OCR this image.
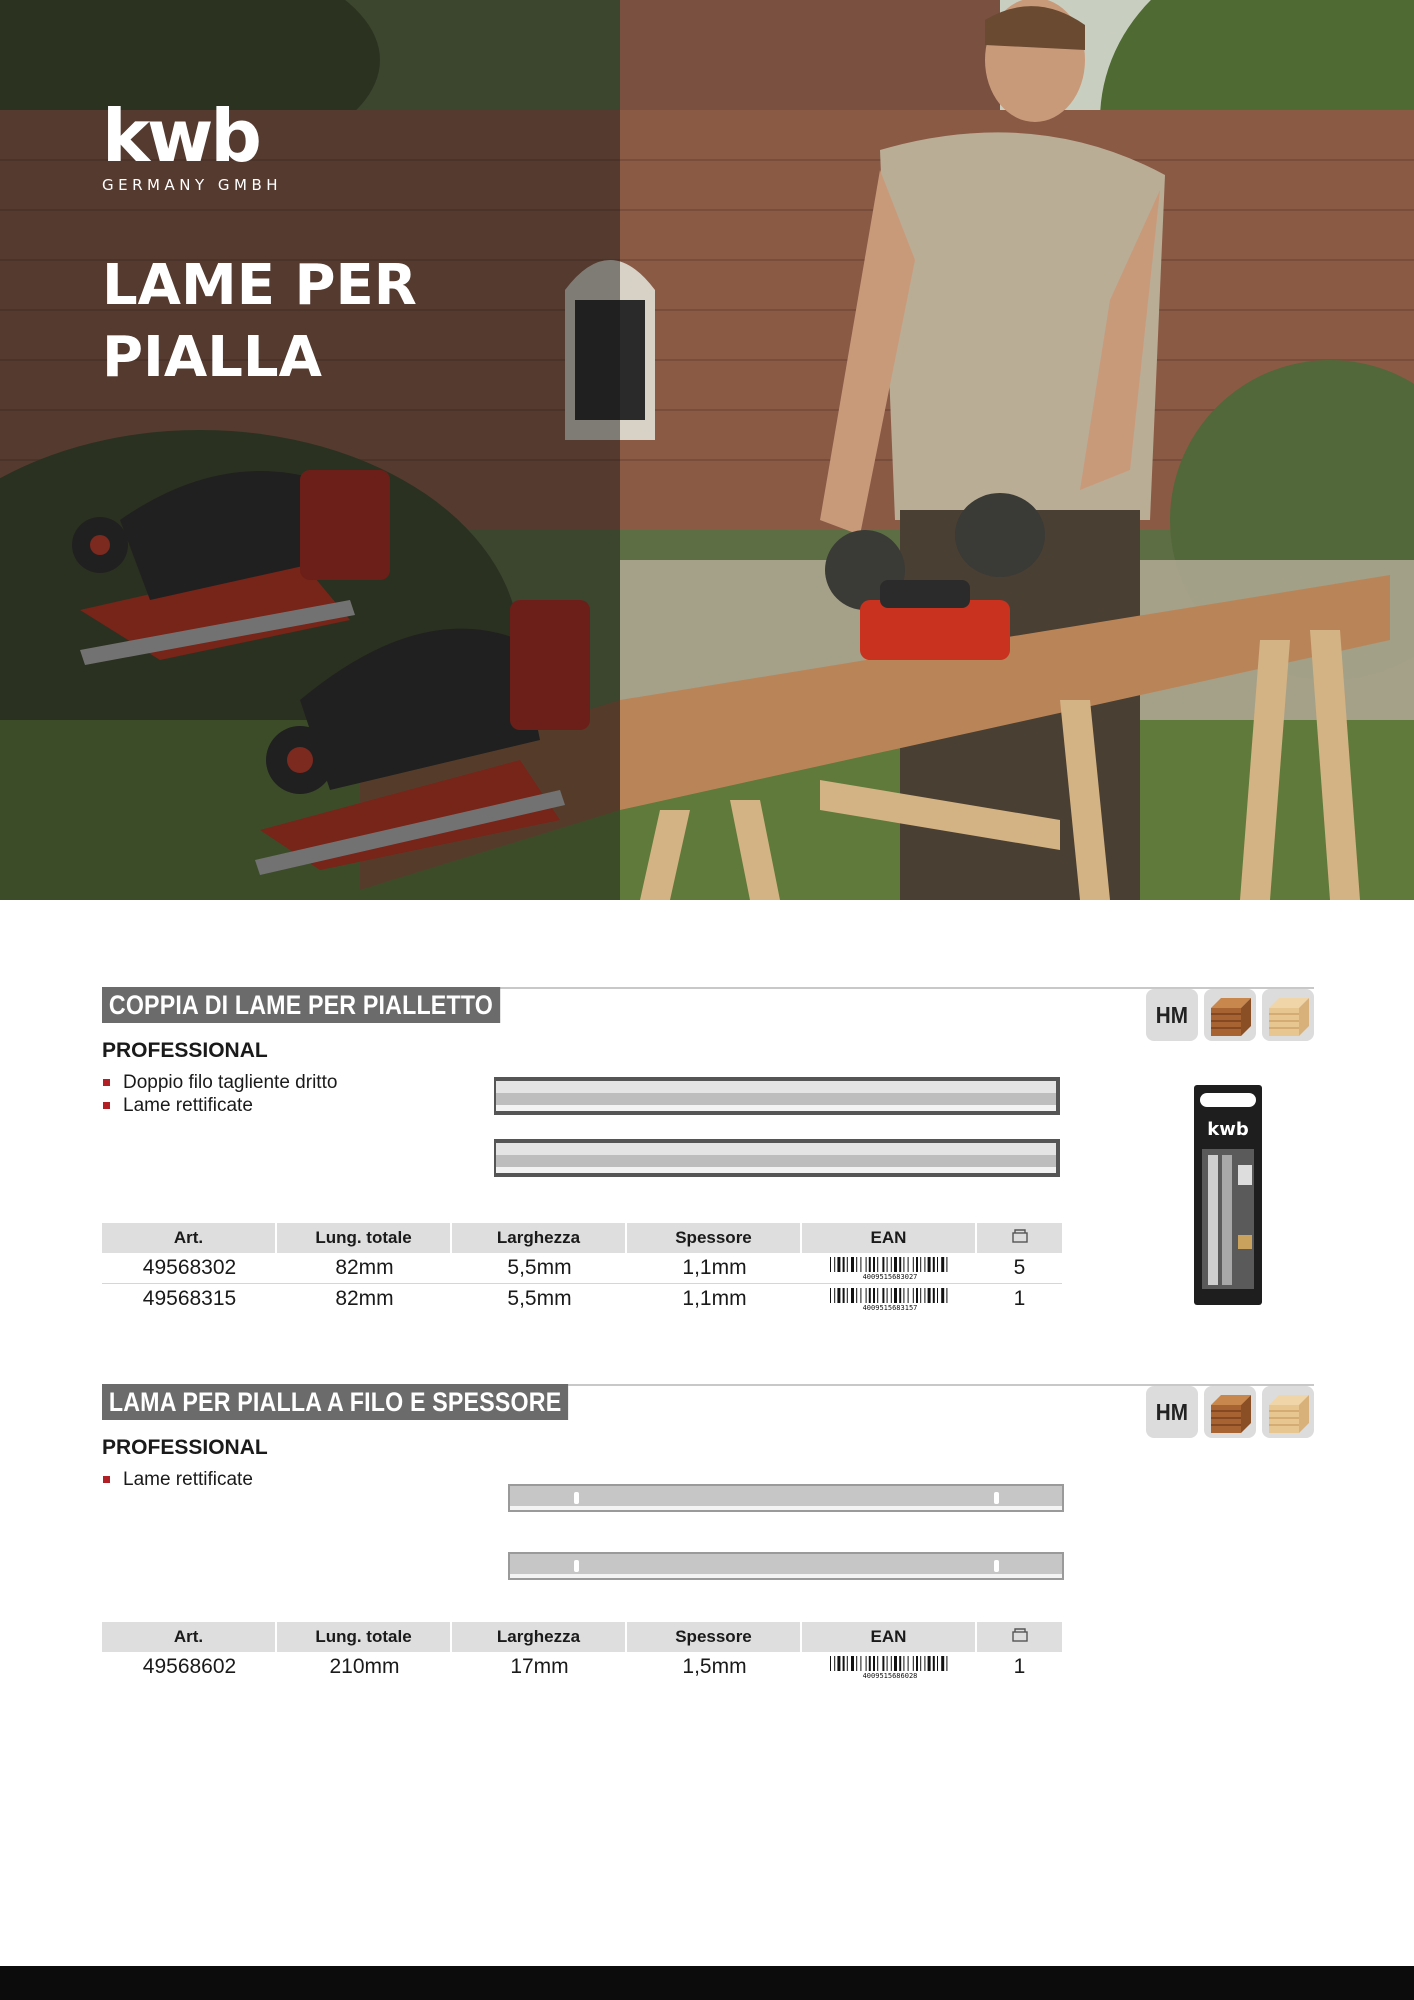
kwb
GERMANY GMBH
LAME PER PIALLA
COPPIA DI LAME PER PIALLETTO	HM
PROFESSIONAL
Doppio filo tagliente dritto
Lame rettificate
kwb
Art.	Lung. totale	Larghezza	Spessore	EAN	
49568302	82mm	5,5mm	1,1mm	4009515683027	5
49568315	82mm	5,5mm	1,1mm	4009515683157	1
LAMA PER PIALLA A FILO E SPESSORE	HM
PROFESSIONAL
Lame rettificate
Art.	Lung. totale	Larghezza	Spessore	EAN	
49568602	210mm	17mm	1,5mm	4009515686028	1
